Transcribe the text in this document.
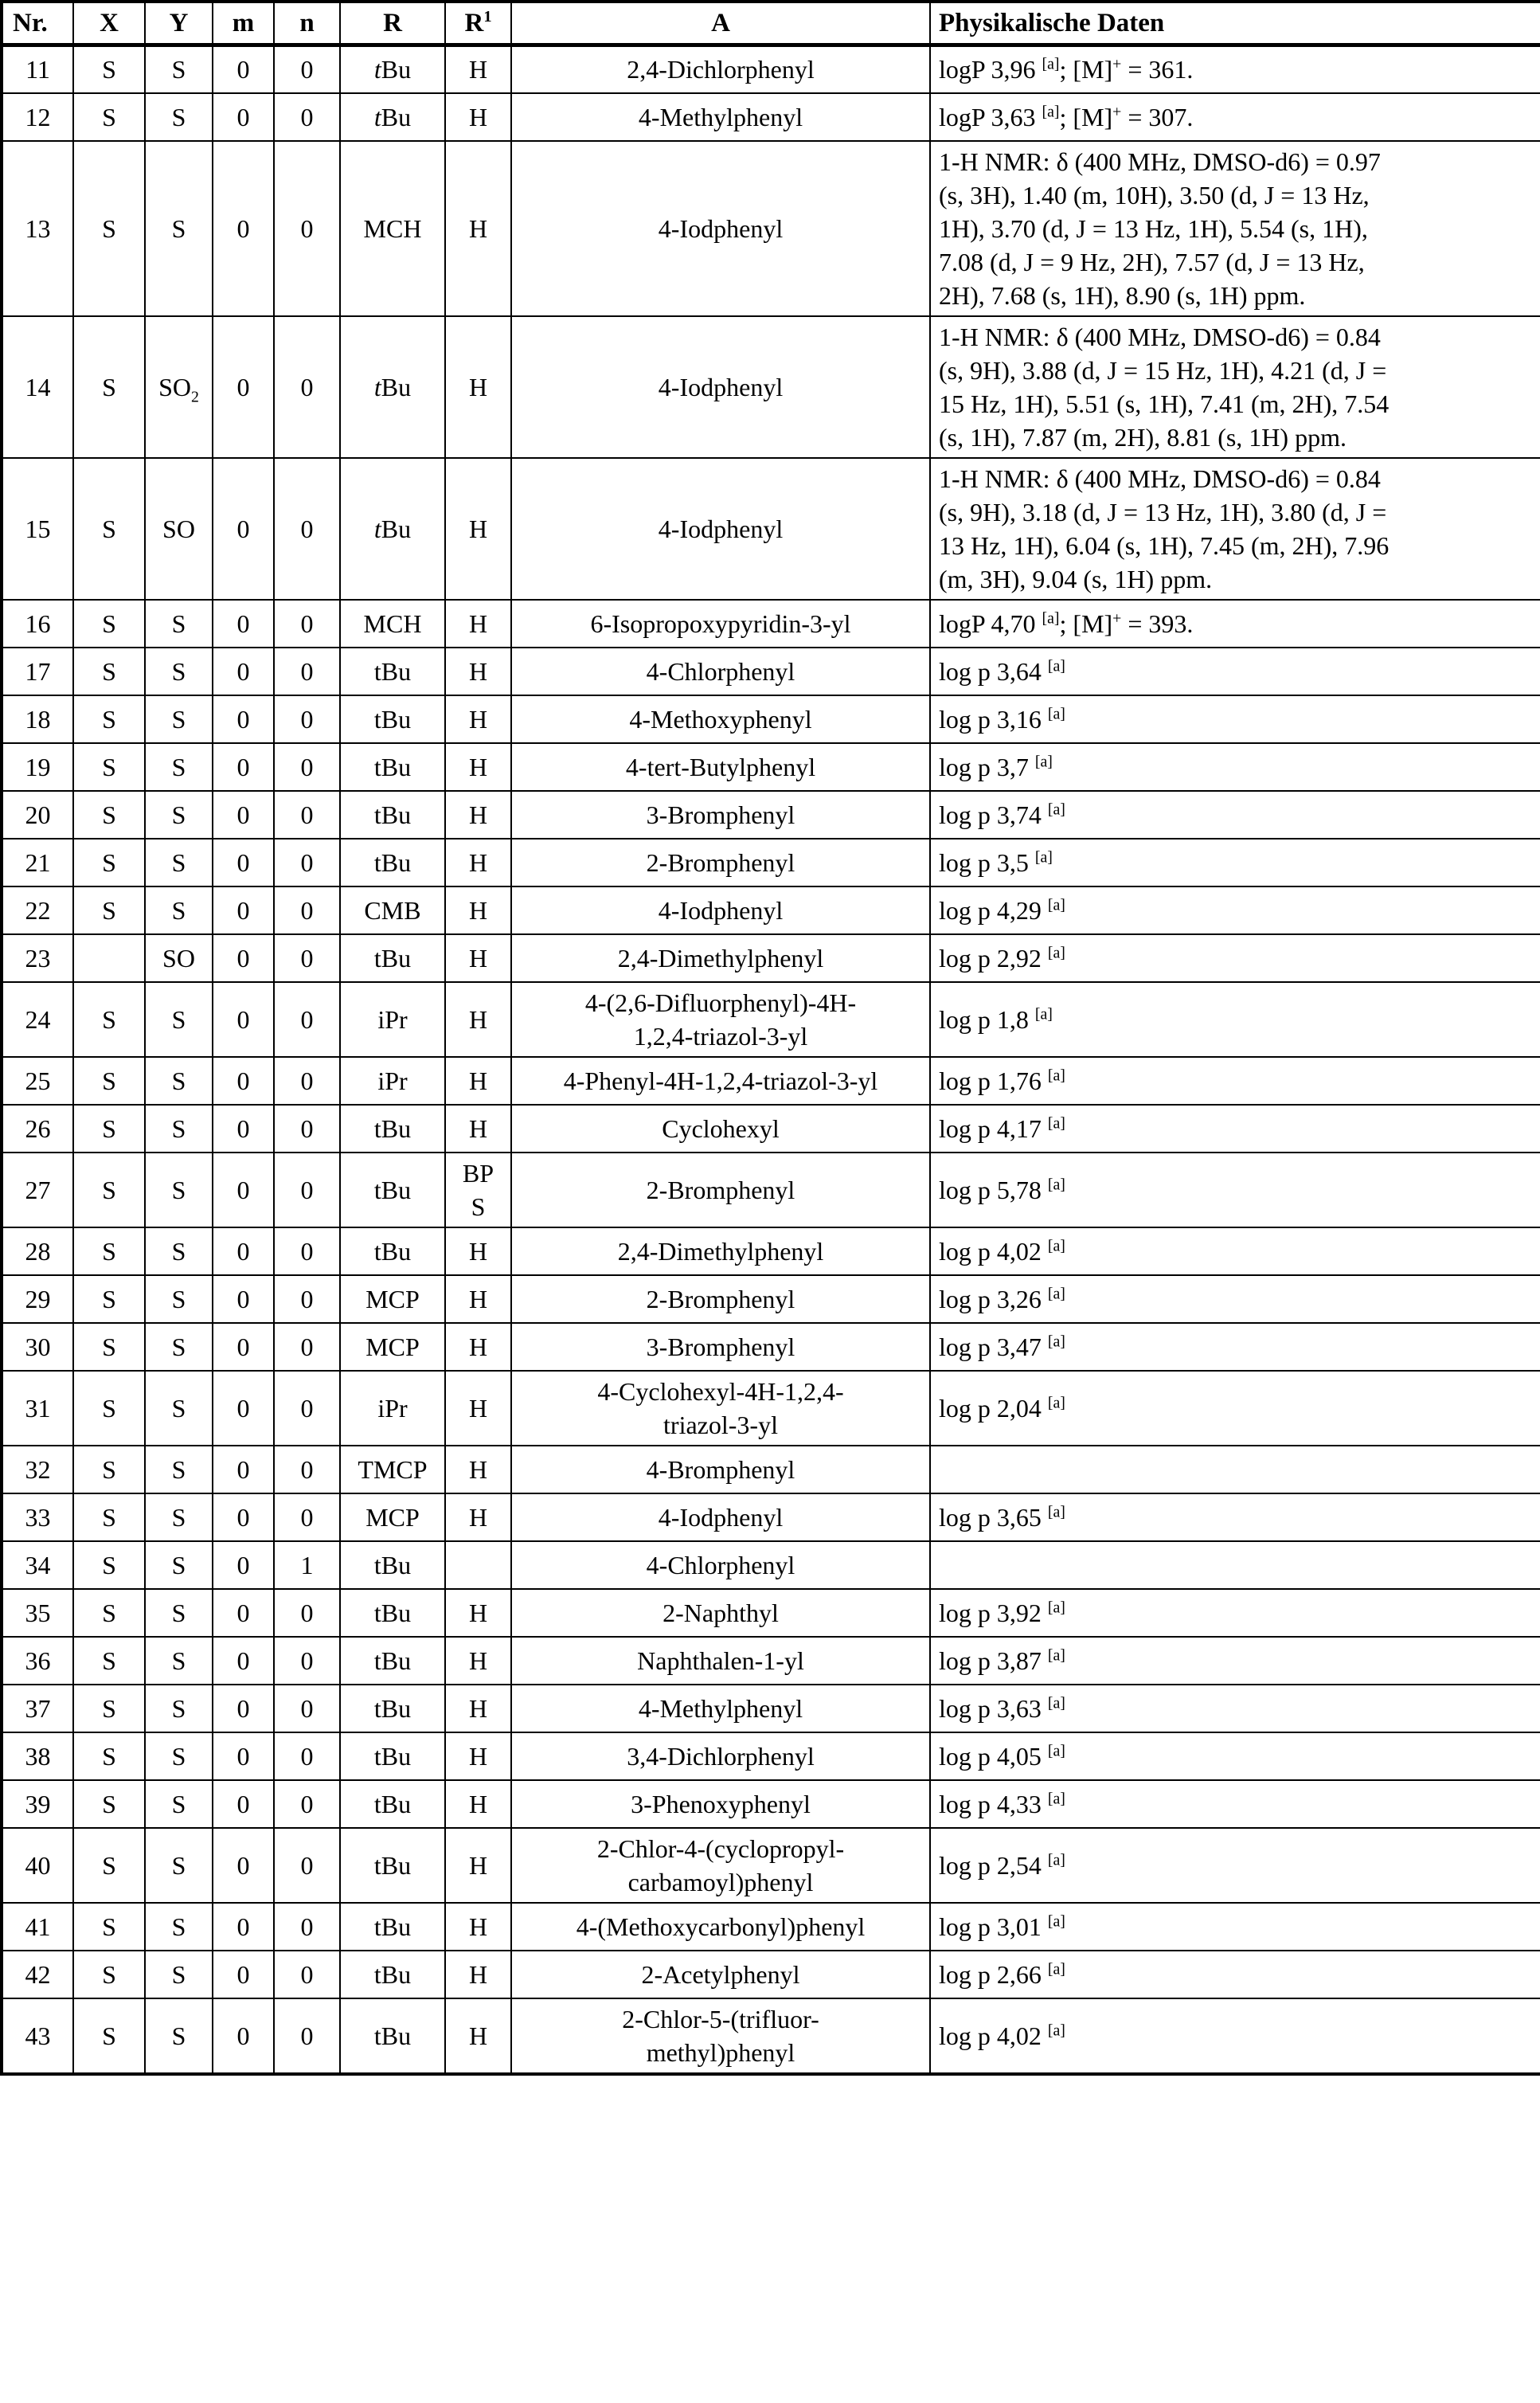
Nr.	X	Y	m	n	R	$R^1$	A	Physikalische Daten
11	S	S	0	0	tBu	H	2,4-Dichlorphenyl	logP 3,96 [a]; [M]+ = 361.
12	S	S	0	0	tBu	H	4-Methylphenyl	logP 3,63 [a]; [M]+ = 307.
13	S	S	0	0	MCH	H	4-Iodphenyl	1-H NMR: δ (400 MHz, DMSO-d6) = 0.97
(s, 3H), 1.40 (m, 10H), 3.50 (d, J = 13 Hz,
1H), 3.70 (d, J = 13 Hz, 1H), 5.54 (s, 1H),
7.08 (d, J = 9 Hz, 2H), 7.57 (d, J = 13 Hz,
2H), 7.68 (s, 1H), 8.90 (s, 1H) ppm.
14	S	$SO_2$	0	0	tBu	H	4-Iodphenyl	1-H NMR: δ (400 MHz, DMSO-d6) = 0.84
(s, 9H), 3.88 (d, J = 15 Hz, 1H), 4.21 (d, J =
15 Hz, 1H), 5.51 (s, 1H), 7.41 (m, 2H), 7.54
(s, 1H), 7.87 (m, 2H), 8.81 (s, 1H) ppm.
15	S	SO	0	0	tBu	H	4-Iodphenyl	1-H NMR: δ (400 MHz, DMSO-d6) = 0.84
(s, 9H), 3.18 (d, J = 13 Hz, 1H), 3.80 (d, J =
13 Hz, 1H), 6.04 (s, 1H), 7.45 (m, 2H), 7.96
(m, 3H), 9.04 (s, 1H) ppm.
16	S	S	0	0	MCH	H	6-Isopropoxypyridin-3-yl	logP 4,70 [a]; [M]+ = 393.
17	S	S	0	0	tBu	H	4-Chlorphenyl	log p 3,64 [a]
18	S	S	0	0	tBu	H	4-Methoxyphenyl	log p 3,16 [a]
19	S	S	0	0	tBu	H	4-tert-Butylphenyl	log p 3,7 [a]
20	S	S	0	0	tBu	H	3-Bromphenyl	log p 3,74 [a]
21	S	S	0	0	tBu	H	2-Bromphenyl	log p 3,5 [a]
22	S	S	0	0	CMB	H	4-Iodphenyl	log p 4,29 [a]
23		SO	0	0	tBu	H	2,4-Dimethylphenyl	log p 2,92 [a]
24	S	S	0	0	iPr	H	4-(2,6-Difluorphenyl)-4H-
1,2,4-triazol-3-yl	log p 1,8 [a]
25	S	S	0	0	iPr	H	4-Phenyl-4H-1,2,4-triazol-3-yl	log p 1,76 [a]
26	S	S	0	0	tBu	H	Cyclohexyl	log p 4,17 [a]
27	S	S	0	0	tBu	BP
S	2-Bromphenyl	log p 5,78 [a]
28	S	S	0	0	tBu	H	2,4-Dimethylphenyl	log p 4,02 [a]
29	S	S	0	0	MCP	H	2-Bromphenyl	log p 3,26 [a]
30	S	S	0	0	MCP	H	3-Bromphenyl	log p 3,47 [a]
31	S	S	0	0	iPr	H	4-Cyclohexyl-4H-1,2,4-
triazol-3-yl	log p 2,04 [a]
32	S	S	0	0	TMCP	H	4-Bromphenyl	
33	S	S	0	0	MCP	H	4-Iodphenyl	log p 3,65 [a]
34	S	S	0	1	tBu		4-Chlorphenyl	
35	S	S	0	0	tBu	H	2-Naphthyl	log p 3,92 [a]
36	S	S	0	0	tBu	H	Naphthalen-1-yl	log p 3,87 [a]
37	S	S	0	0	tBu	H	4-Methylphenyl	log p 3,63 [a]
38	S	S	0	0	tBu	H	3,4-Dichlorphenyl	log p 4,05 [a]
39	S	S	0	0	tBu	H	3-Phenoxyphenyl	log p 4,33 [a]
40	S	S	0	0	tBu	H	2-Chlor-4-(cyclopropyl-
carbamoyl)phenyl	log p 2,54 [a]
41	S	S	0	0	tBu	H	4-(Methoxycarbonyl)phenyl	log p 3,01 [a]
42	S	S	0	0	tBu	H	2-Acetylphenyl	log p 2,66 [a]
43	S	S	0	0	tBu	H	2-Chlor-5-(trifluor-
methyl)phenyl	log p 4,02 [a]
